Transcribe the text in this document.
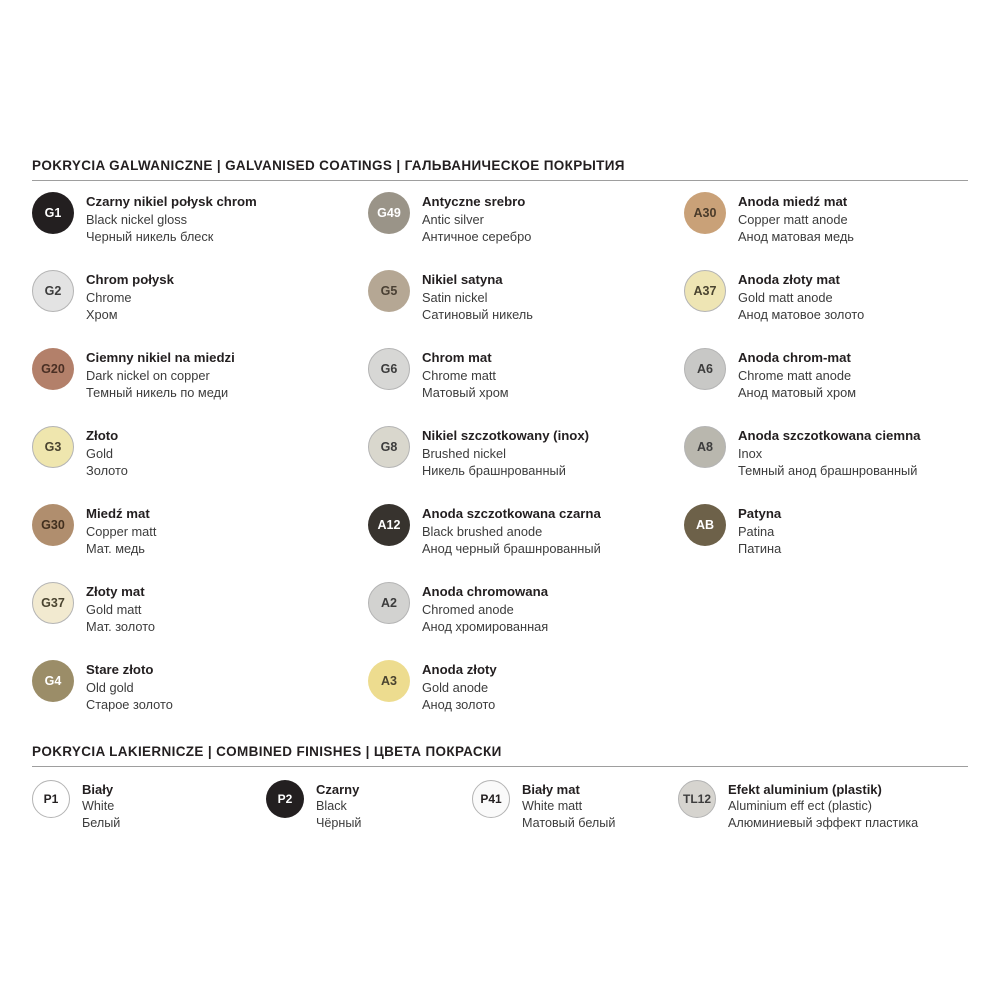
POKRYCIA GALWANICZNE | GALVANISED COATINGS | ГАЛЬВАНИЧЕСКОЕ ПОКРЫТИЯ
G1
Czarny nikiel połysk chrom
Black nickel gloss
Черный никель блеск
G49
Antyczne srebro
Antic silver
Античное серебро
A30
Anoda miedź mat
Copper matt anode
Анод матовая медь
G2
Chrom połysk
Chrome
Хром
G5
Nikiel satyna
Satin nickel
Сатиновый никель
A37
Anoda złoty mat
Gold matt anode
Анод матовое золото
G20
Ciemny nikiel na miedzi
Dark nickel on copper
Темный никель по меди
G6
Chrom mat
Chrome matt
Матовый хром
A6
Anoda chrom-mat
Chrome matt anode
Анод матовый хром
G3
Złoto
Gold
Золото
G8
Nikiel szczotkowany (inox)
Brushed nickel
Никель брашнрованный
A8
Anoda szczotkowana ciemna
Inox
Темный анод брашнрованный
G30
Miedź mat
Copper matt
Мат. медь
A12
Anoda szczotkowana czarna
Black brushed anode
Анод черный брашнрованный
AB
Patyna
Patina
Патина
G37
Złoty mat
Gold matt
Мат. золото
A2
Anoda chromowana
Chromed anode
Анод хромированная
G4
Stare złoto
Old gold
Старое золото
A3
Anoda złoty
Gold anode
Анод золото
POKRYCIA LAKIERNICZE | COMBINED FINISHES | ЦВЕТА ПОКРАСКИ
P1
Biały
White
Белый
P2
Czarny
Black
Чёрный
P41
Biały mat
White matt
Матовый белый
TL12
Efekt aluminium (plastik)
Aluminium eff ect (plastic)
Алюминиевый эффект пластика
